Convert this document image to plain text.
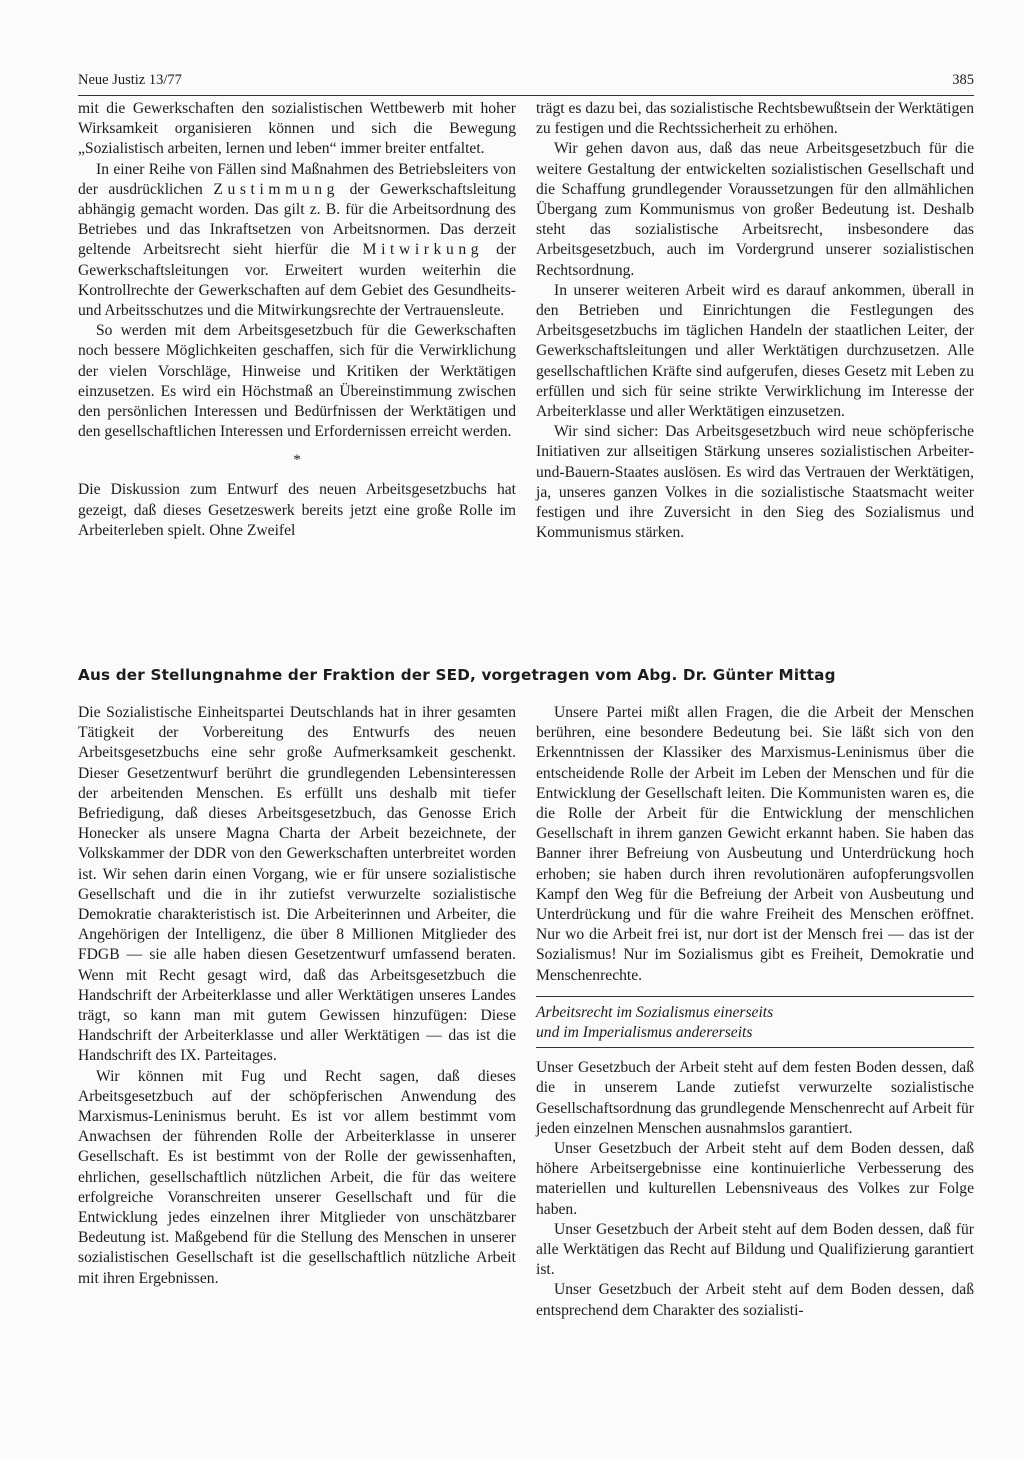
Neue Justiz 13/77	385

mit die Gewerkschaften den sozialistischen Wettbewerb mit hoher Wirksamkeit organisieren können und sich die Bewegung „Sozialistisch arbeiten, lernen und leben“ immer breiter entfaltet.

In einer Reihe von Fällen sind Maßnahmen des Betriebsleiters von der ausdrücklichen Zustimmung der Gewerkschaftsleitung abhängig gemacht worden. Das gilt z. B. für die Arbeitsordnung des Betriebes und das Inkraftsetzen von Arbeitsnormen. Das derzeit geltende Arbeitsrecht sieht hierfür die Mitwirkung der Gewerkschaftsleitungen vor. Erweitert wurden weiterhin die Kontrollrechte der Gewerkschaften auf dem Gebiet des Gesundheits- und Arbeitsschutzes und die Mitwirkungsrechte der Vertrauensleute.

So werden mit dem Arbeitsgesetzbuch für die Gewerkschaften noch bessere Möglichkeiten geschaffen, sich für die Verwirklichung der vielen Vorschläge, Hinweise und Kritiken der Werktätigen einzusetzen. Es wird ein Höchstmaß an Übereinstimmung zwischen den persönlichen Interessen und Bedürfnissen der Werktätigen und den gesellschaftlichen Interessen und Erfordernissen erreicht werden.

*

Die Diskussion zum Entwurf des neuen Arbeitsgesetzbuchs hat gezeigt, daß dieses Gesetzeswerk bereits jetzt eine große Rolle im Arbeiterleben spielt. Ohne Zweifel

trägt es dazu bei, das sozialistische Rechtsbewußtsein der Werktätigen zu festigen und die Rechtssicherheit zu erhöhen.

Wir gehen davon aus, daß das neue Arbeitsgesetzbuch für die weitere Gestaltung der entwickelten sozialistischen Gesellschaft und die Schaffung grundlegender Voraussetzungen für den allmählichen Übergang zum Kommunismus von großer Bedeutung ist. Deshalb steht das sozialistische Arbeitsrecht, insbesondere das Arbeitsgesetzbuch, auch im Vordergrund unserer sozialistischen Rechtsordnung.

In unserer weiteren Arbeit wird es darauf ankommen, überall in den Betrieben und Einrichtungen die Festlegungen des Arbeitsgesetzbuchs im täglichen Handeln der staatlichen Leiter, der Gewerkschaftsleitungen und aller Werktätigen durchzusetzen. Alle gesellschaftlichen Kräfte sind aufgerufen, dieses Gesetz mit Leben zu erfüllen und sich für seine strikte Verwirklichung im Interesse der Arbeiterklasse und aller Werktätigen einzusetzen.

Wir sind sicher: Das Arbeitsgesetzbuch wird neue schöpferische Initiativen zur allseitigen Stärkung unseres sozialistischen Arbeiter-und-Bauern-Staates auslösen. Es wird das Vertrauen der Werktätigen, ja, unseres ganzen Volkes in die sozialistische Staatsmacht weiter festigen und ihre Zuversicht in den Sieg des Sozialismus und Kommunismus stärken.

Aus der Stellungnahme der Fraktion der SED, vorgetragen vom Abg. Dr. Günter Mittag

Die Sozialistische Einheitspartei Deutschlands hat in ihrer gesamten Tätigkeit der Vorbereitung des Entwurfs des neuen Arbeitsgesetzbuchs eine sehr große Aufmerksamkeit geschenkt. Dieser Gesetzentwurf berührt die grundlegenden Lebensinteressen der arbeitenden Menschen. Es erfüllt uns deshalb mit tiefer Befriedigung, daß dieses Arbeitsgesetzbuch, das Genosse Erich Honecker als unsere Magna Charta der Arbeit bezeichnete, der Volkskammer der DDR von den Gewerkschaften unterbreitet worden ist. Wir sehen darin einen Vorgang, wie er für unsere sozialistische Gesellschaft und die in ihr zutiefst verwurzelte sozialistische Demokratie charakteristisch ist. Die Arbeiterinnen und Arbeiter, die Angehörigen der Intelligenz, die über 8 Millionen Mitglieder des FDGB — sie alle haben diesen Gesetzentwurf umfassend beraten. Wenn mit Recht gesagt wird, daß das Arbeitsgesetzbuch die Handschrift der Arbeiterklasse und aller Werktätigen unseres Landes trägt, so kann man mit gutem Gewissen hinzufügen: Diese Handschrift der Arbeiterklasse und aller Werktätigen — das ist die Handschrift des IX. Parteitages.

Wir können mit Fug und Recht sagen, daß dieses Arbeitsgesetzbuch auf der schöpferischen Anwendung des Marxismus-Leninismus beruht. Es ist vor allem bestimmt vom Anwachsen der führenden Rolle der Arbeiterklasse in unserer Gesellschaft. Es ist bestimmt von der Rolle der gewissenhaften, ehrlichen, gesellschaftlich nützlichen Arbeit, die für das weitere erfolgreiche Voranschreiten unserer Gesellschaft und für die Entwicklung jedes einzelnen ihrer Mitglieder von unschätzbarer Bedeutung ist. Maßgebend für die Stellung des Menschen in unserer sozialistischen Gesellschaft ist die gesellschaftlich nützliche Arbeit mit ihren Ergebnissen.

Unsere Partei mißt allen Fragen, die die Arbeit der Menschen berühren, eine besondere Bedeutung bei. Sie läßt sich von den Erkenntnissen der Klassiker des Marxismus-Leninismus über die entscheidende Rolle der Arbeit im Leben der Menschen und für die Entwicklung der Gesellschaft leiten. Die Kommunisten waren es, die die Rolle der Arbeit für die Entwicklung der menschlichen Gesellschaft in ihrem ganzen Gewicht erkannt haben. Sie haben das Banner ihrer Befreiung von Ausbeutung und Unterdrückung hoch erhoben; sie haben durch ihren revolutionären aufopferungsvollen Kampf den Weg für die Befreiung der Arbeit von Ausbeutung und Unterdrückung und für die wahre Freiheit des Menschen eröffnet. Nur wo die Arbeit frei ist, nur dort ist der Mensch frei — das ist der Sozialismus! Nur im Sozialismus gibt es Freiheit, Demokratie und Menschenrechte.

Arbeitsrecht im Sozialismus einerseits
und im Imperialismus andererseits

Unser Gesetzbuch der Arbeit steht auf dem festen Boden dessen, daß die in unserem Lande zutiefst verwurzelte sozialistische Gesellschaftsordnung das grundlegende Menschenrecht auf Arbeit für jeden einzelnen Menschen ausnahmslos garantiert.

Unser Gesetzbuch der Arbeit steht auf dem Boden dessen, daß höhere Arbeitsergebnisse eine kontinuierliche Verbesserung des materiellen und kulturellen Lebensniveaus des Volkes zur Folge haben.

Unser Gesetzbuch der Arbeit steht auf dem Boden dessen, daß für alle Werktätigen das Recht auf Bildung und Qualifizierung garantiert ist.

Unser Gesetzbuch der Arbeit steht auf dem Boden dessen, daß entsprechend dem Charakter des sozialisti-
